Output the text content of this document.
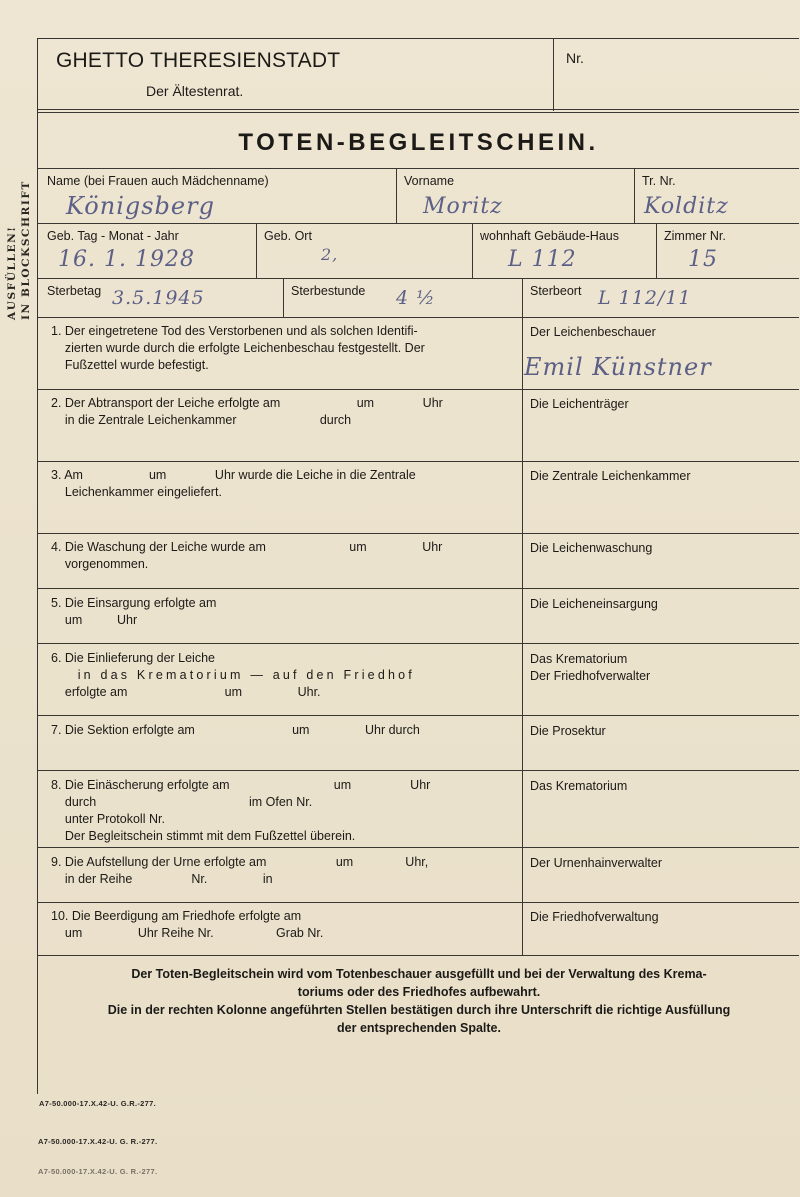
IN BLOCKSCHRIFT
AUSFÜLLEN!
GHETTO THERESIENSTADT
Der Ältestenrat.
Nr.
TOTEN-BEGLEITSCHEIN.
Name (bei Frauen auch Mädchenname)
Königsberg
Vorname
Moritz
Tr. Nr.
Kolditz
Geb. Tag - Monat - Jahr
16. 1. 1928
Geb. Ort
2,
wohnhaft Gebäude-Haus
L 112
Zimmer Nr.
15
Sterbetag 3.5.1945	Sterbestunde 4 ½	Sterbeort L 112/11
1. Der eingetretene Tod des Verstorbenen und als solchen Identifi-
zierten wurde durch die erfolgte Leichenbeschau festgestellt. Der
Fußzettel wurde befestigt.
Der Leichenbeschauer
Emil Künstner
2. Der Abtransport der Leiche erfolgte am                      um              Uhr
in die Zentrale Leichenkammer                        durch
Die Leichenträger
3. Am                   um              Uhr wurde die Leiche in die Zentrale
Leichenkammer eingeliefert.
Die Zentrale Leichenkammer
4. Die Waschung der Leiche wurde am                        um                Uhr
vorgenommen.
Die Leichenwaschung
5. Die Einsargung erfolgte am
um          Uhr
Die Leicheneinsargung
6. Die Einlieferung der Leiche
in das Krematorium — auf den Friedhof
erfolgte am                            um                Uhr.
Das Krematorium
Der Friedhofverwalter
7. Die Sektion erfolgte am                            um                Uhr durch	Die Prosektur
8. Die Einäscherung erfolgte am                              um                 Uhr
durch                                            im Ofen Nr.
unter Protokoll Nr.
Der Begleitschein stimmt mit dem Fußzettel überein.
Das Krematorium
9. Die Aufstellung der Urne erfolgte am                    um               Uhr,
in der Reihe                 Nr.                in
Der Urnenhainverwalter
10. Die Beerdigung am Friedhofe erfolgte am
um                Uhr Reihe Nr.                  Grab Nr.
Die Friedhofverwaltung
Der Toten-Begleitschein wird vom Totenbeschauer ausgefüllt und bei der Verwaltung des Krema-
toriums oder des Friedhofes aufbewahrt.
Die in der rechten Kolonne angeführten Stellen bestätigen durch ihre Unterschrift die richtige Ausfüllung
der entsprechenden Spalte.
A7-50.000-17.X.42-U. G.R.-277.
A7-50.000-17.X.42-U. G. R.-277.
A7-50.000-17.X.42-U. G. R.-277.
